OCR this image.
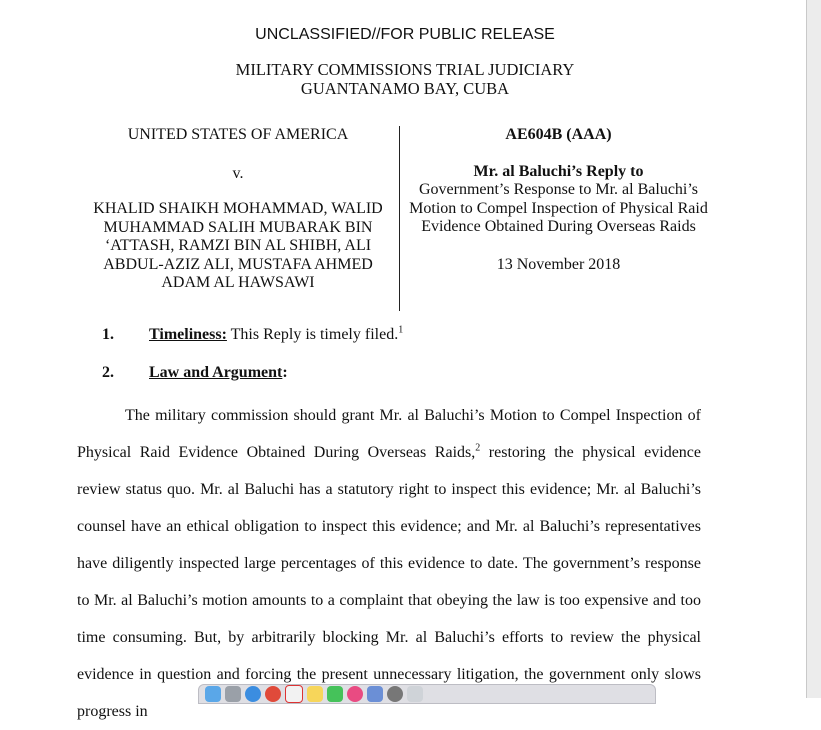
UNCLASSIFIED//FOR PUBLIC RELEASE
MILITARY COMMISSIONS TRIAL JUDICIARY
GUANTANAMO BAY, CUBA
UNITED STATES OF AMERICA
v.
KHALID SHAIKH MOHAMMAD, WALID MUHAMMAD SALIH MUBARAK BIN ‘ATTASH, RAMZI BIN AL SHIBH, ALI ABDUL-AZIZ ALI, MUSTAFA AHMED ADAM AL HAWSAWI
AE604B (AAA)
Mr. al Baluchi’s Reply to
Government’s Response to Mr. al Baluchi’s Motion to Compel Inspection of Physical Raid Evidence Obtained During Overseas Raids
13 November 2018
1. Timeliness: This Reply is timely filed.$^1$
2. Law and Argument:

The military commission should grant Mr. al Baluchi’s Motion to Compel Inspection of Physical Raid Evidence Obtained During Overseas Raids,$^2$ restoring the physical evidence review status quo. Mr. al Baluchi has a statutory right to inspect this evidence; Mr. al Baluchi’s counsel have an ethical obligation to inspect this evidence; and Mr. al Baluchi’s representatives have diligently inspected large percentages of this evidence to date. The government’s response to Mr. al Baluchi’s motion amounts to a complaint that obeying the law is too expensive and too time consuming. But, by arbitrarily blocking Mr. al Baluchi’s efforts to review the physical evidence in question and forcing the present unnecessary litigation, the government only slows progress in
